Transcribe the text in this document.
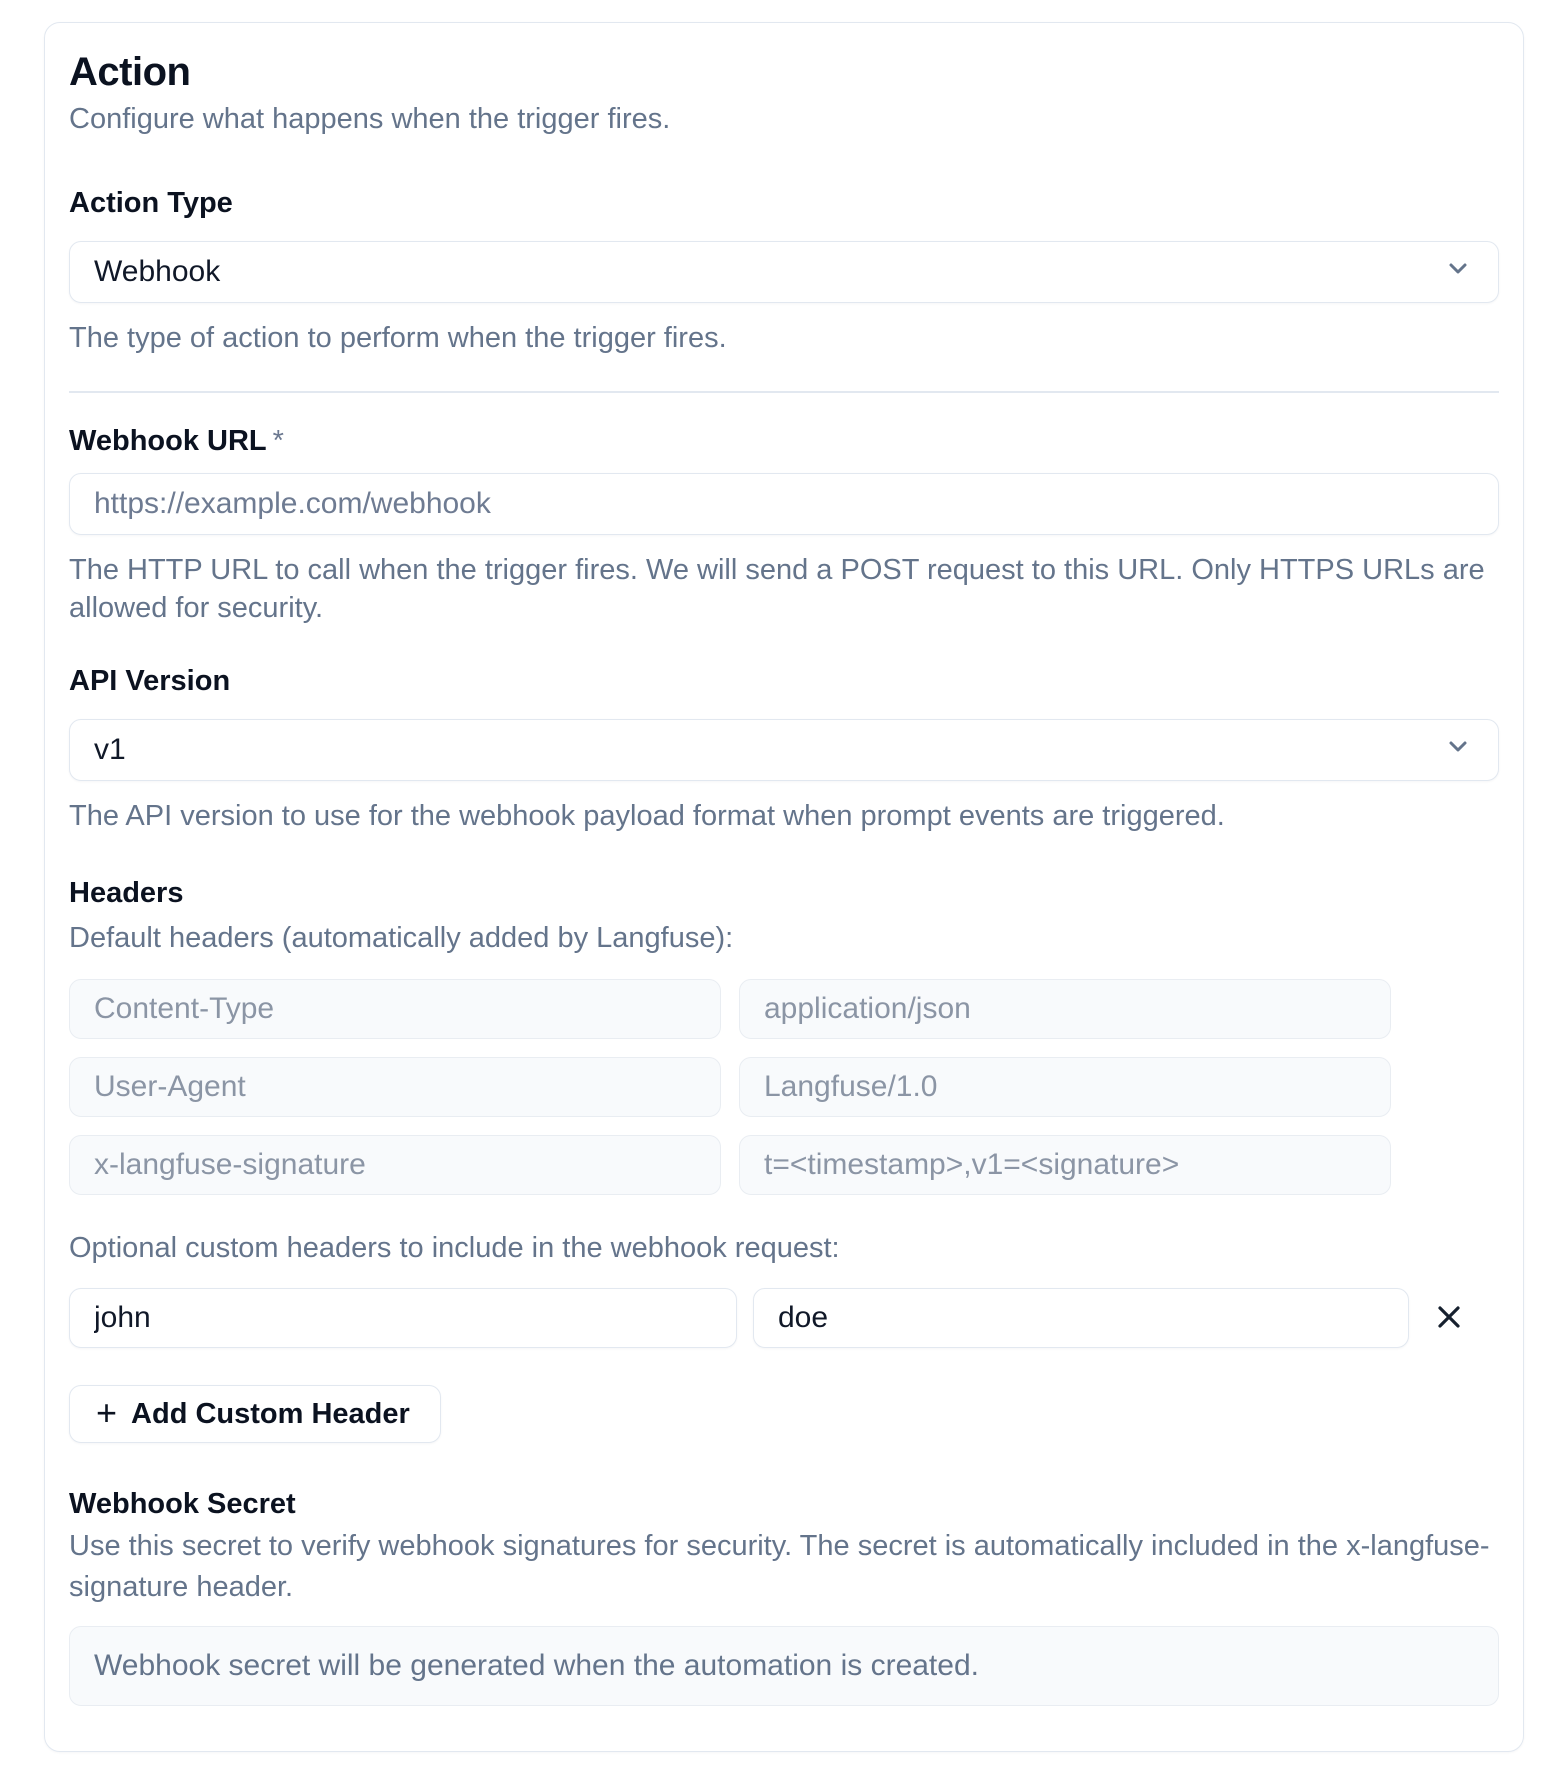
Action

Configure what happens when the trigger fires.

Action Type
Webhook

The type of action to perform when the trigger fires.

Webhook URL *
https://example.com/webhook

The HTTP URL to call when the trigger fires. We will send a POST request to this URL. Only HTTPS URLs are allowed for security.

API Version
v1

The API version to use for the webhook payload format when prompt events are triggered.

Headers

Default headers (automatically added by Langfuse):

Content-Type
application/json
User-Agent
Langfuse/1.0
x-langfuse-signature
t=<timestamp>,v1=<signature>

Optional custom headers to include in the webhook request:

john
doe
+ Add Custom Header
Webhook Secret

Use this secret to verify webhook signatures for security. The secret is automatically included in the x-langfuse-signature header.

Webhook secret will be generated when the automation is created.
